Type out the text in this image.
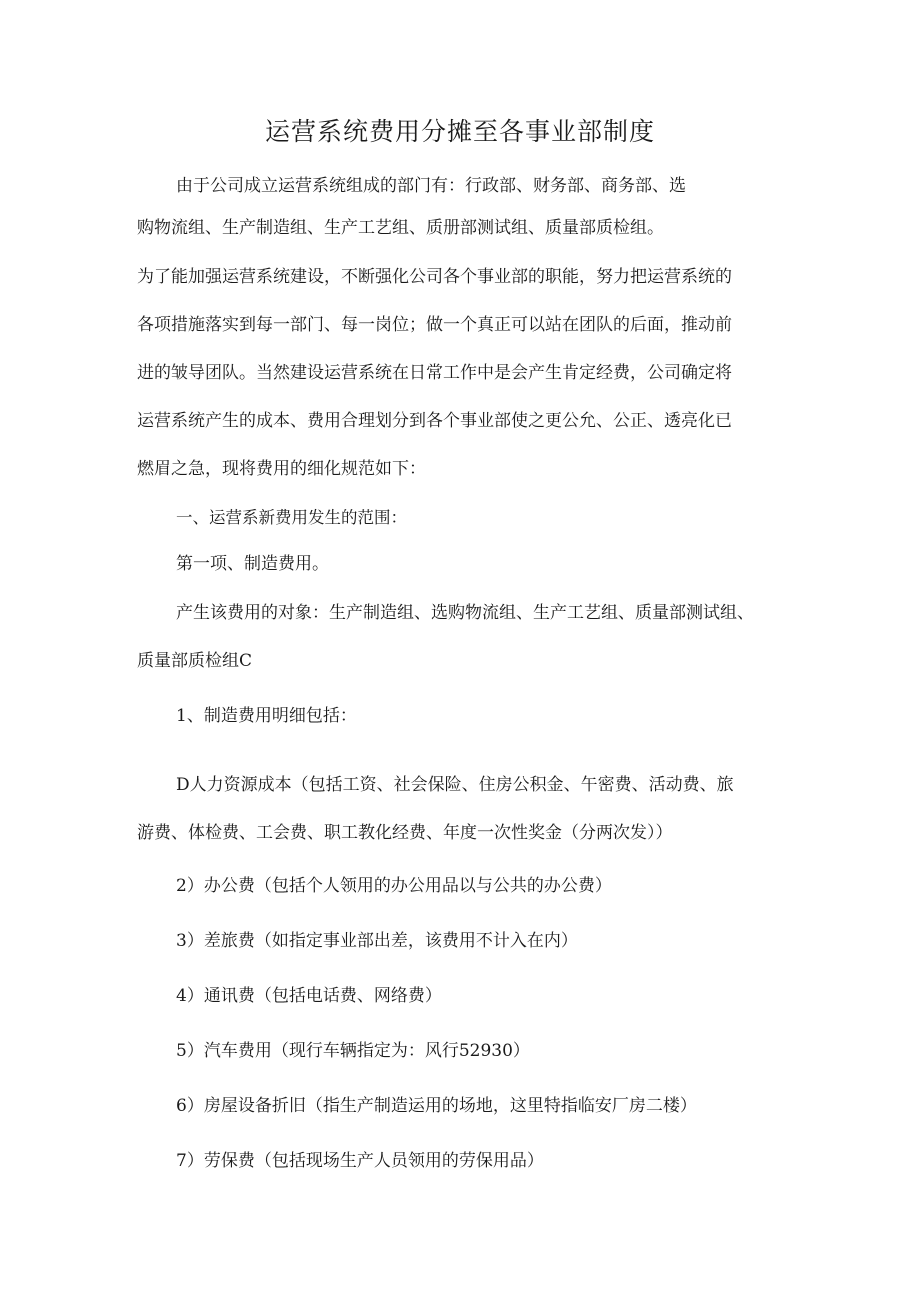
运营系统费用分摊至各事业部制度
由于公司成立运营系统组成的部门有：行政部、财务部、商务部、选
购物流组、生产制造组、生产工艺组、质册部测试组、质量部质检组。
为了能加强运营系统建设，不断强化公司各个事业部的职能，努力把运营系统的
各项措施落实到每一部门、每一岗位；做一个真正可以站在团队的后面，推动前
进的皱导团队。当然建设运营系统在日常工作中是会产生肯定经费，公司确定将
运营系统产生的成本、费用合理划分到各个事业部使之更公允、公正、透亮化已
燃眉之急，现将费用的细化规范如下：
一、运营系新费用发生的范围：
第一项、制造费用。
产生该费用的对象：生产制造组、选购物流组、生产工艺组、质量部测试组、
质量部质检组C
1、制造费用明细包括：
D人力资源成本（包括工资、社会保险、住房公积金、午密费、活动费、旅
游费、体检费、工会费、职工教化经费、年度一次性奖金（分两次发））
2）办公费（包括个人领用的办公用品以与公共的办公费）
3）差旅费（如指定事业部出差，该费用不计入在内）
4）通讯费（包括电话费、网络费）
5）汽车费用（现行车辆指定为：风行52930）
6）房屋设备折旧（指生产制造运用的场地，这里特指临安厂房二楼）
7）劳保费（包括现场生产人员领用的劳保用品）
